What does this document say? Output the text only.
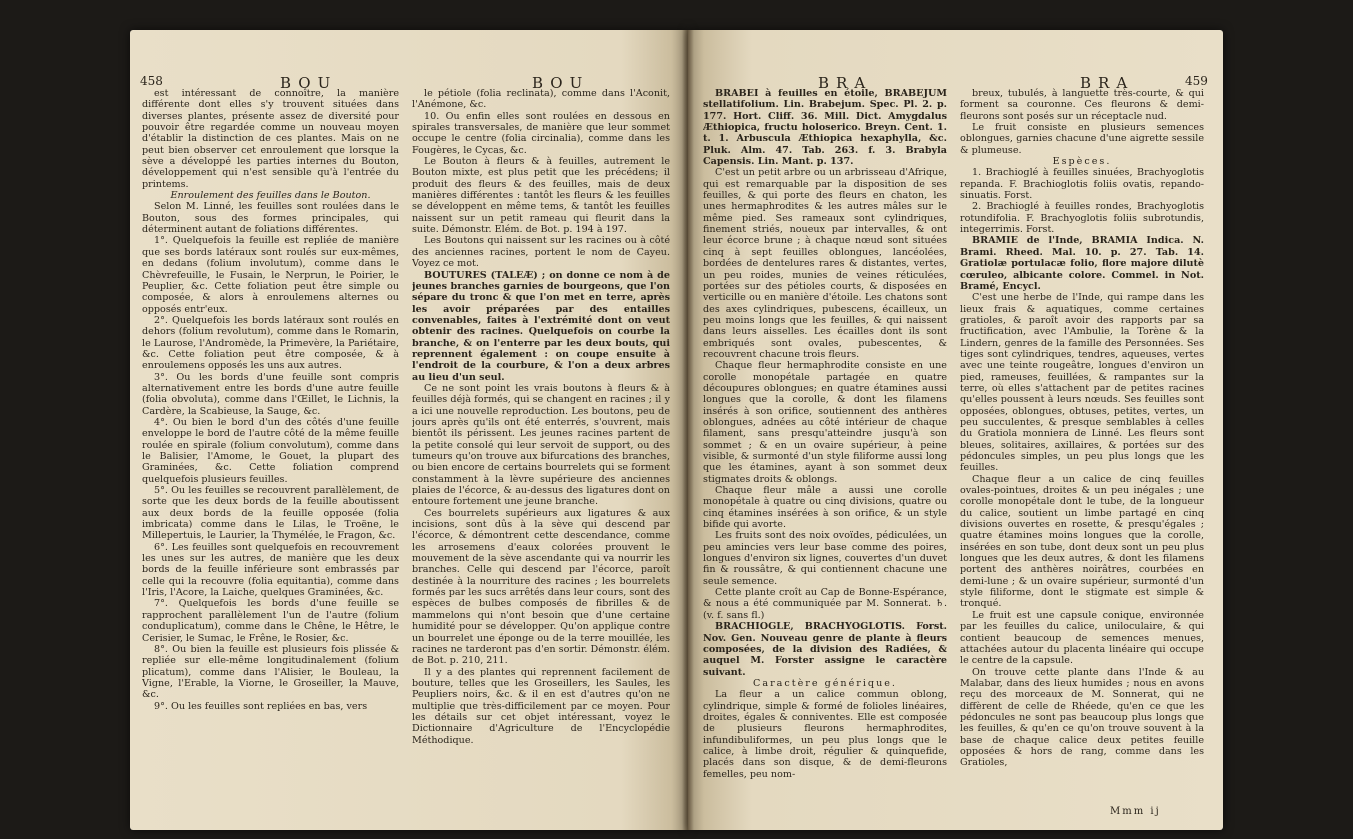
458	BOU	BOU

est intéressant de connoître, la manière différente dont elles s'y trouvent situées dans diverses plantes, présente assez de diversité pour pouvoir être regardée comme un nouveau moyen d'établir la distinction de ces plantes. Mais on ne peut bien observer cet enroulement que lorsque la sève a développé les parties internes du Bouton, développement qui n'est sensible qu'à l'entrée du printems.

Enroulement des feuilles dans le Bouton.

Selon M. Linné, les feuilles sont roulées dans le Bouton, sous des formes principales, qui déterminent autant de foliations différentes.

1°. Quelquefois la feuille est repliée de manière que ses bords latéraux sont roulés sur eux-mêmes, en dedans (folium involutum), comme dans le Chèvrefeuille, le Fusain, le Nerprun, le Poirier, le Peuplier, &c. Cette foliation peut être simple ou composée, & alors à enroulemens alternes ou opposés entr'eux.

2°. Quelquefois les bords latéraux sont roulés en dehors (folium revolutum), comme dans le Romarin, le Laurose, l'Andromède, la Primevère, la Pariétaire, &c. Cette foliation peut être composée, & à enroulemens opposés les uns aux autres.

3°. Ou les bords d'une feuille sont compris alternativement entre les bords d'une autre feuille (folia obvoluta), comme dans l'Œillet, le Lichnis, la Cardère, la Scabieuse, la Sauge, &c.

4°. Ou bien le bord d'un des côtés d'une feuille enveloppe le bord de l'autre côté de la même feuille roulée en spirale (folium convolutum), comme dans le Balisier, l'Amome, le Gouet, la plupart des Graminées, &c. Cette foliation comprend quelquefois plusieurs feuilles.

5°. Ou les feuilles se recouvrent parallèlement, de sorte que les deux bords de la feuille aboutissent aux deux bords de la feuille opposée (folia imbricata) comme dans le Lilas, le Troëne, le Millepertuis, le Laurier, la Thymélée, le Fragon, &c.

6°. Les feuilles sont quelquefois en recouvrement les unes sur les autres, de manière que les deux bords de la feuille inférieure sont embrassés par celle qui la recouvre (folia equitantia), comme dans l'Iris, l'Acore, la Laiche, quelques Graminées, &c.

7°. Quelquefois les bords d'une feuille se rapprochent parallèlement l'un de l'autre (folium conduplicatum), comme dans le Chêne, le Hêtre, le Cerisier, le Sumac, le Frêne, le Rosier, &c.

8°. Ou bien la feuille est plusieurs fois plissée & repliée sur elle-même longitudinalement (folium plicatum), comme dans l'Alisier, le Bouleau, la Vigne, l'Erable, la Viorne, le Groseiller, la Mauve, &c.

9°. Ou les feuilles sont repliées en bas, vers

le pétiole (folia reclinata), comme dans l'Aconit, l'Anémone, &c.

10. Ou enfin elles sont roulées en dessous en spirales transversales, de manière que leur sommet occupe le centre (folia circinalia), comme dans les Fougères, le Cycas, &c.

Le Bouton à fleurs & à feuilles, autrement le Bouton mixte, est plus petit que les précédens; il produit des fleurs & des feuilles, mais de deux manières différentes : tantôt les fleurs & les feuilles se développent en même tems, & tantôt les feuilles naissent sur un petit rameau qui fleurit dans la suite. Démonstr. Elém. de Bot. p. 194 à 197.

Les Boutons qui naissent sur les racines ou à côté des anciennes racines, portent le nom de Cayeu. Voyez ce mot.

BOUTURES (TALEÆ) ; on donne ce nom à de jeunes branches garnies de bourgeons, que l'on sépare du tronc & que l'on met en terre, après les avoir préparées par des entailles convenables, faites à l'extrémité dont on veut obtenir des racines. Quelquefois on courbe la branche, & on l'enterre par les deux bouts, qui reprennent également : on coupe ensuite à l'endroit de la courbure, & l'on a deux arbres au lieu d'un seul.

Ce ne sont point les vrais boutons à fleurs & à feuilles déjà formés, qui se changent en racines ; il y a ici une nouvelle reproduction. Les boutons, peu de jours après qu'ils ont été enterrés, s'ouvrent, mais bientôt ils périssent. Les jeunes racines partent de la petite consolé qui leur servoit de support, ou des tumeurs qu'on trouve aux bifurcations des branches, ou bien encore de certains bourrelets qui se forment constamment à la lèvre supérieure des anciennes plaies de l'écorce, & au-dessus des ligatures dont on entoure fortement une jeune branche.

Ces bourrelets supérieurs aux ligatures & aux incisions, sont dûs à la sève qui descend par l'écorce, & démontrent cette descendance, comme les arrosemens d'eaux colorées prouvent le mouvement de la sève ascendante qui va nourrir les branches. Celle qui descend par l'écorce, paroît destinée à la nourriture des racines ; les bourrelets formés par les sucs arrêtés dans leur cours, sont des espèces de bulbes composés de fibrilles & de mammelons qui n'ont besoin que d'une certaine humidité pour se développer. Qu'on applique contre un bourrelet une éponge ou de la terre mouillée, les racines ne tarderont pas d'en sortir. Démonstr. élém. de Bot. p. 210, 211.

Il y a des plantes qui reprennent facilement de bouture, telles que les Groseillers, les Saules, les Peupliers noirs, &c. & il en est d'autres qu'on ne multiplie que très-difficilement par ce moyen. Pour les détails sur cet objet intéressant, voyez le Dictionnaire d'Agriculture de l'Encyclopédie Méthodique.

BRA	BRA	459

BRABEI à feuilles en étoile, BRABEJUM stellatifolium. Lin. Brabejum. Spec. Pl. 2. p. 177. Hort. Cliff. 36. Mill. Dict. Amygdalus Æthiopica, fructu holoserico. Breyn. Cent. 1. t. 1. Arbuscula Æthiopica hexaphylla, &c. Pluk. Alm. 47. Tab. 263. f. 3. Brabyla Capensis. Lin. Mant. p. 137.

C'est un petit arbre ou un arbrisseau d'Afrique, qui est remarquable par la disposition de ses feuilles, & qui porte des fleurs en chaton, les unes hermaphrodites & les autres mâles sur le même pied. Ses rameaux sont cylindriques, finement striés, noueux par intervalles, & ont leur écorce brune ; à chaque nœud sont situées cinq à sept feuilles oblongues, lancéolées, bordées de dentelures rares & distantes, vertes, un peu roides, munies de veines réticulées, portées sur des pétioles courts, & disposées en verticille ou en manière d'étoile. Les chatons sont des axes cylindriques, pubescens, écailleux, un peu moins longs que les feuilles, & qui naissent dans leurs aisselles. Les écailles dont ils sont embriqués sont ovales, pubescentes, & recouvrent chacune trois fleurs.

Chaque fleur hermaphrodite consiste en une corolle monopétale partagée en quatre découpures oblongues; en quatre étamines aussi longues que la corolle, & dont les filamens insérés à son orifice, soutiennent des anthères oblongues, adnées au côté intérieur de chaque filament, sans presqu'atteindre jusqu'à son sommet ; & en un ovaire supérieur, à peine visible, & surmonté d'un style filiforme aussi long que les étamines, ayant à son sommet deux stigmates droits & oblongs.

Chaque fleur mâle a aussi une corolle monopétale à quatre ou cinq divisions, quatre ou cinq étamines insérées à son orifice, & un style bifide qui avorte.

Les fruits sont des noix ovoïdes, pédiculées, un peu amincies vers leur base comme des poires, longues d'environ six lignes, couvertes d'un duvet fin & roussâtre, & qui contiennent chacune une seule semence.

Cette plante croît au Cap de Bonne-Espérance, & nous a été communiquée par M. Sonnerat. ♄. (v. f. sans fl.)

BRACHIOGLE, BRACHYOGLOTIS. Forst. Nov. Gen. Nouveau genre de plante à fleurs composées, de la division des Radiées, & auquel M. Forster assigne le caractère suivant.

Caractère générique.

La fleur a un calice commun oblong, cylindrique, simple & formé de folioles linéaires, droites, égales & conniventes. Elle est composée de plusieurs fleurons hermaphrodites, infundibuliformes, un peu plus longs que le calice, à limbe droit, régulier & quinquefide, placés dans son disque, & de demi-fleurons femelles, peu nom-

breux, tubulés, à languette très-courte, & qui forment sa couronne. Ces fleurons & demi-fleurons sont posés sur un réceptacle nud.

Le fruit consiste en plusieurs semences oblongues, garnies chacune d'une aigrette sessile & plumeuse.

Espèces.

1. Brachioglé à feuilles sinuées, Brachyoglotis repanda. F. Brachioglotis foliis ovatis, repando-sinuatis. Forst.

2. Brachioglé à feuilles rondes, Brachyoglotis rotundifolia. F. Brachyoglotis foliis subrotundis, integerrimis. Forst.

BRAMIE de l'Inde, BRAMIA Indica. N. Brami. Rheed. Mal. 10. p. 27. Tab. 14. Gratiolæ portulacæ folio, flore majore dilutè cœruleo, albicante colore. Commel. in Not. Bramé, Encycl.

C'est une herbe de l'Inde, qui rampe dans les lieux frais & aquatiques, comme certaines gratioles, & paroît avoir des rapports par sa fructification, avec l'Ambulie, la Torène & la Lindern, genres de la famille des Personnées. Ses tiges sont cylindriques, tendres, aqueuses, vertes avec une teinte rougeâtre, longues d'environ un pied, rameuses, feuillées, & rampantes sur la terre, où elles s'attachent par de petites racines qu'elles poussent à leurs nœuds. Ses feuilles sont opposées, oblongues, obtuses, petites, vertes, un peu succulentes, & presque semblables à celles du Gratiola monniera de Linné. Les fleurs sont bleues, solitaires, axillaires, & portées sur des pédoncules simples, un peu plus longs que les feuilles.

Chaque fleur a un calice de cinq feuilles ovales-pointues, droites & un peu inégales ; une corolle monopétale dont le tube, de la longueur du calice, soutient un limbe partagé en cinq divisions ouvertes en rosette, & presqu'égales ; quatre étamines moins longues que la corolle, insérées en son tube, dont deux sont un peu plus longues que les deux autres, & dont les filamens portent des anthères noirâtres, courbées en demi-lune ; & un ovaire supérieur, surmonté d'un style filiforme, dont le stigmate est simple & tronqué.

Le fruit est une capsule conique, environnée par les feuilles du calice, uniloculaire, & qui contient beaucoup de semences menues, attachées autour du placenta linéaire qui occupe le centre de la capsule.

On trouve cette plante dans l'Inde & au Malabar, dans des lieux humides ; nous en avons reçu des morceaux de M. Sonnerat, qui ne diffèrent de celle de Rhéede, qu'en ce que les pédoncules ne sont pas beaucoup plus longs que les feuilles, & qu'en ce qu'on trouve souvent à la base de chaque calice deux petites feuille opposées & hors de rang, comme dans les Gratioles,

Mmm ij
